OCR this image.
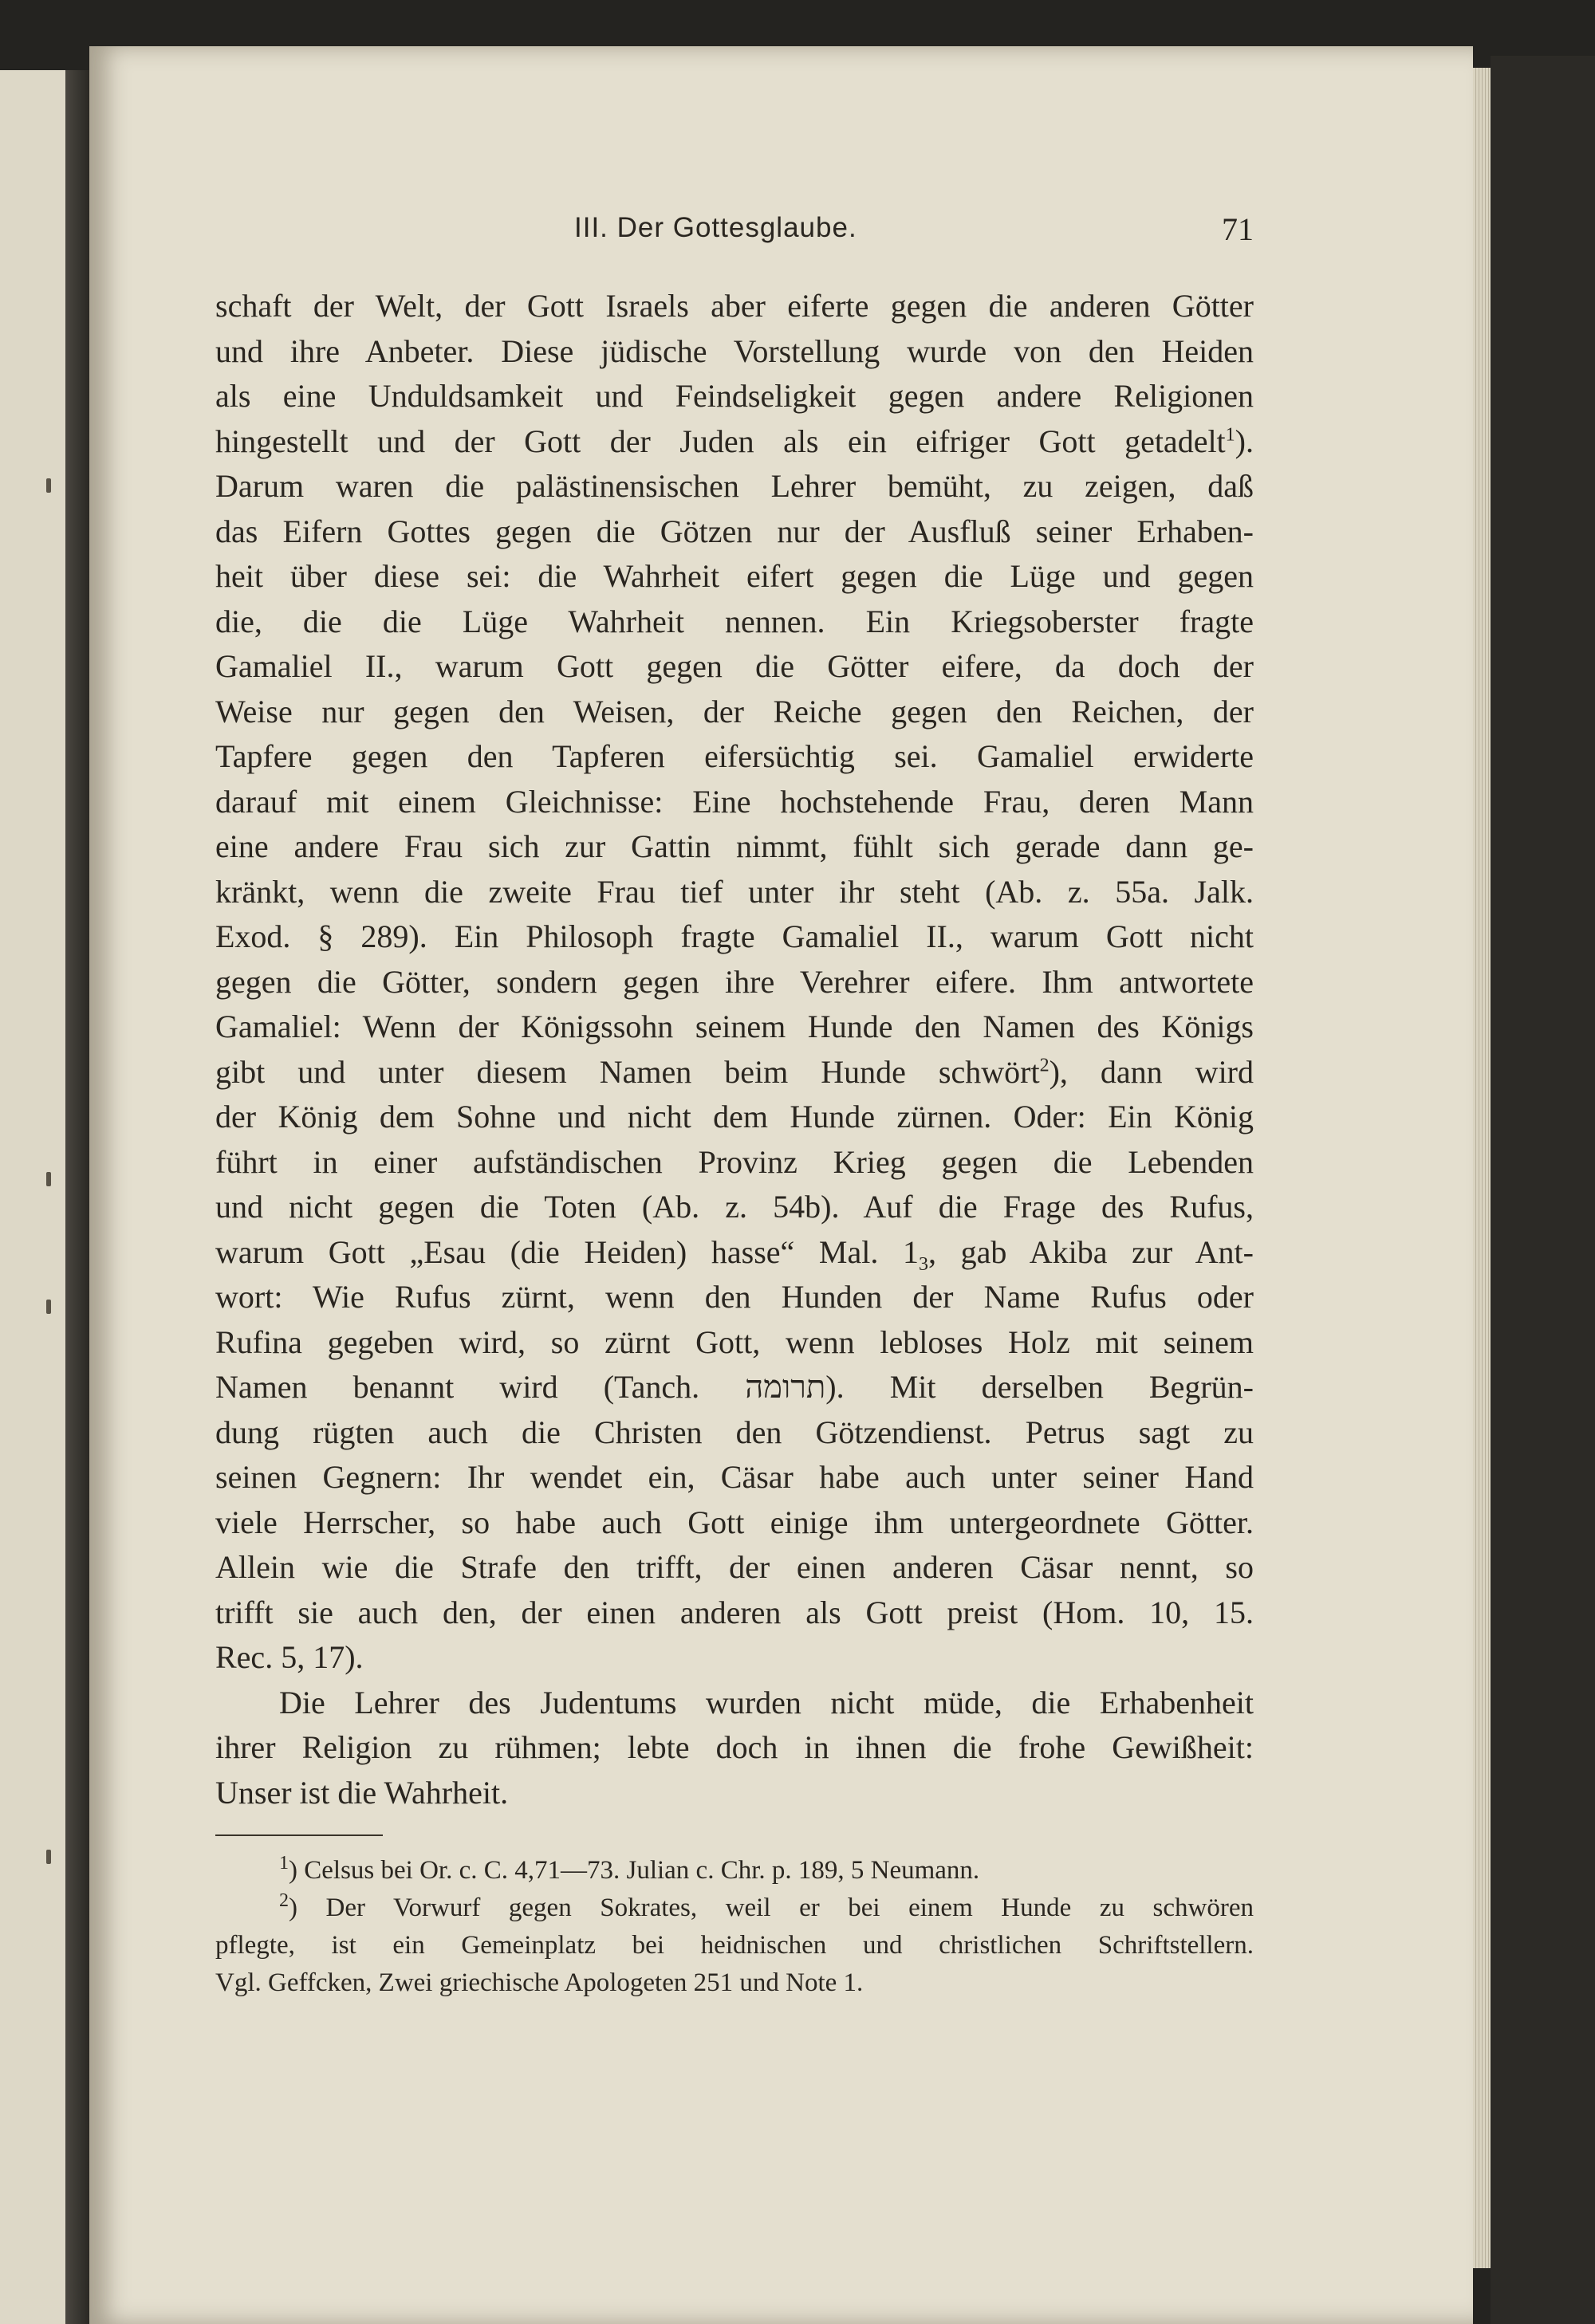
III. Der Gottesglaube.	71
schaft der Welt, der Gott Israels aber eiferte gegen die anderen Götter
und ihre Anbeter. Diese jüdische Vorstellung wurde von den Heiden
als eine Unduldsamkeit und Feindseligkeit gegen andere Religionen
hingestellt und der Gott der Juden als ein eifriger Gott getadelt$^1$).
Darum waren die palästinensischen Lehrer bemüht, zu zeigen, daß
das Eifern Gottes gegen die Götzen nur der Ausfluß seiner Erhaben-
heit über diese sei: die Wahrheit eifert gegen die Lüge und gegen
die, die die Lüge Wahrheit nennen. Ein Kriegsoberster fragte
Gamaliel II., warum Gott gegen die Götter eifere, da doch der
Weise nur gegen den Weisen, der Reiche gegen den Reichen, der
Tapfere gegen den Tapferen eifersüchtig sei. Gamaliel erwiderte
darauf mit einem Gleichnisse: Eine hochstehende Frau, deren Mann
eine andere Frau sich zur Gattin nimmt, fühlt sich gerade dann ge-
kränkt, wenn die zweite Frau tief unter ihr steht (Ab. z. 55a. Jalk.
Exod. § 289). Ein Philosoph fragte Gamaliel II., warum Gott nicht
gegen die Götter, sondern gegen ihre Verehrer eifere. Ihm antwortete
Gamaliel: Wenn der Königssohn seinem Hunde den Namen des Königs
gibt und unter diesem Namen beim Hunde schwört$^2$), dann wird
der König dem Sohne und nicht dem Hunde zürnen. Oder: Ein König
führt in einer aufständischen Provinz Krieg gegen die Lebenden
und nicht gegen die Toten (Ab. z. 54b). Auf die Frage des Rufus,
warum Gott „Esau (die Heiden) hasse“ Mal. $1_3$, gab Akiba zur Ant-
wort: Wie Rufus zürnt, wenn den Hunden der Name Rufus oder
Rufina gegeben wird, so zürnt Gott, wenn lebloses Holz mit seinem
Namen benannt wird (Tanch. תרומה). Mit derselben Begrün-
dung rügten auch die Christen den Götzendienst. Petrus sagt zu
seinen Gegnern: Ihr wendet ein, Cäsar habe auch unter seiner Hand
viele Herrscher, so habe auch Gott einige ihm untergeordnete Götter.
Allein wie die Strafe den trifft, der einen anderen Cäsar nennt, so
trifft sie auch den, der einen anderen als Gott preist (Hom. 10, 15.
Rec. 5, 17).
Die Lehrer des Judentums wurden nicht müde, die Erhabenheit
ihrer Religion zu rühmen; lebte doch in ihnen die frohe Gewißheit:
Unser ist die Wahrheit.
$^1$) Celsus bei Or. c. C. 4,71—73. Julian c. Chr. p. 189, 5 Neumann.
$^2$) Der Vorwurf gegen Sokrates, weil er bei einem Hunde zu schwören
pflegte, ist ein Gemeinplatz bei heidnischen und christlichen Schriftstellern.
Vgl. Geffcken, Zwei griechische Apologeten 251 und Note 1.
